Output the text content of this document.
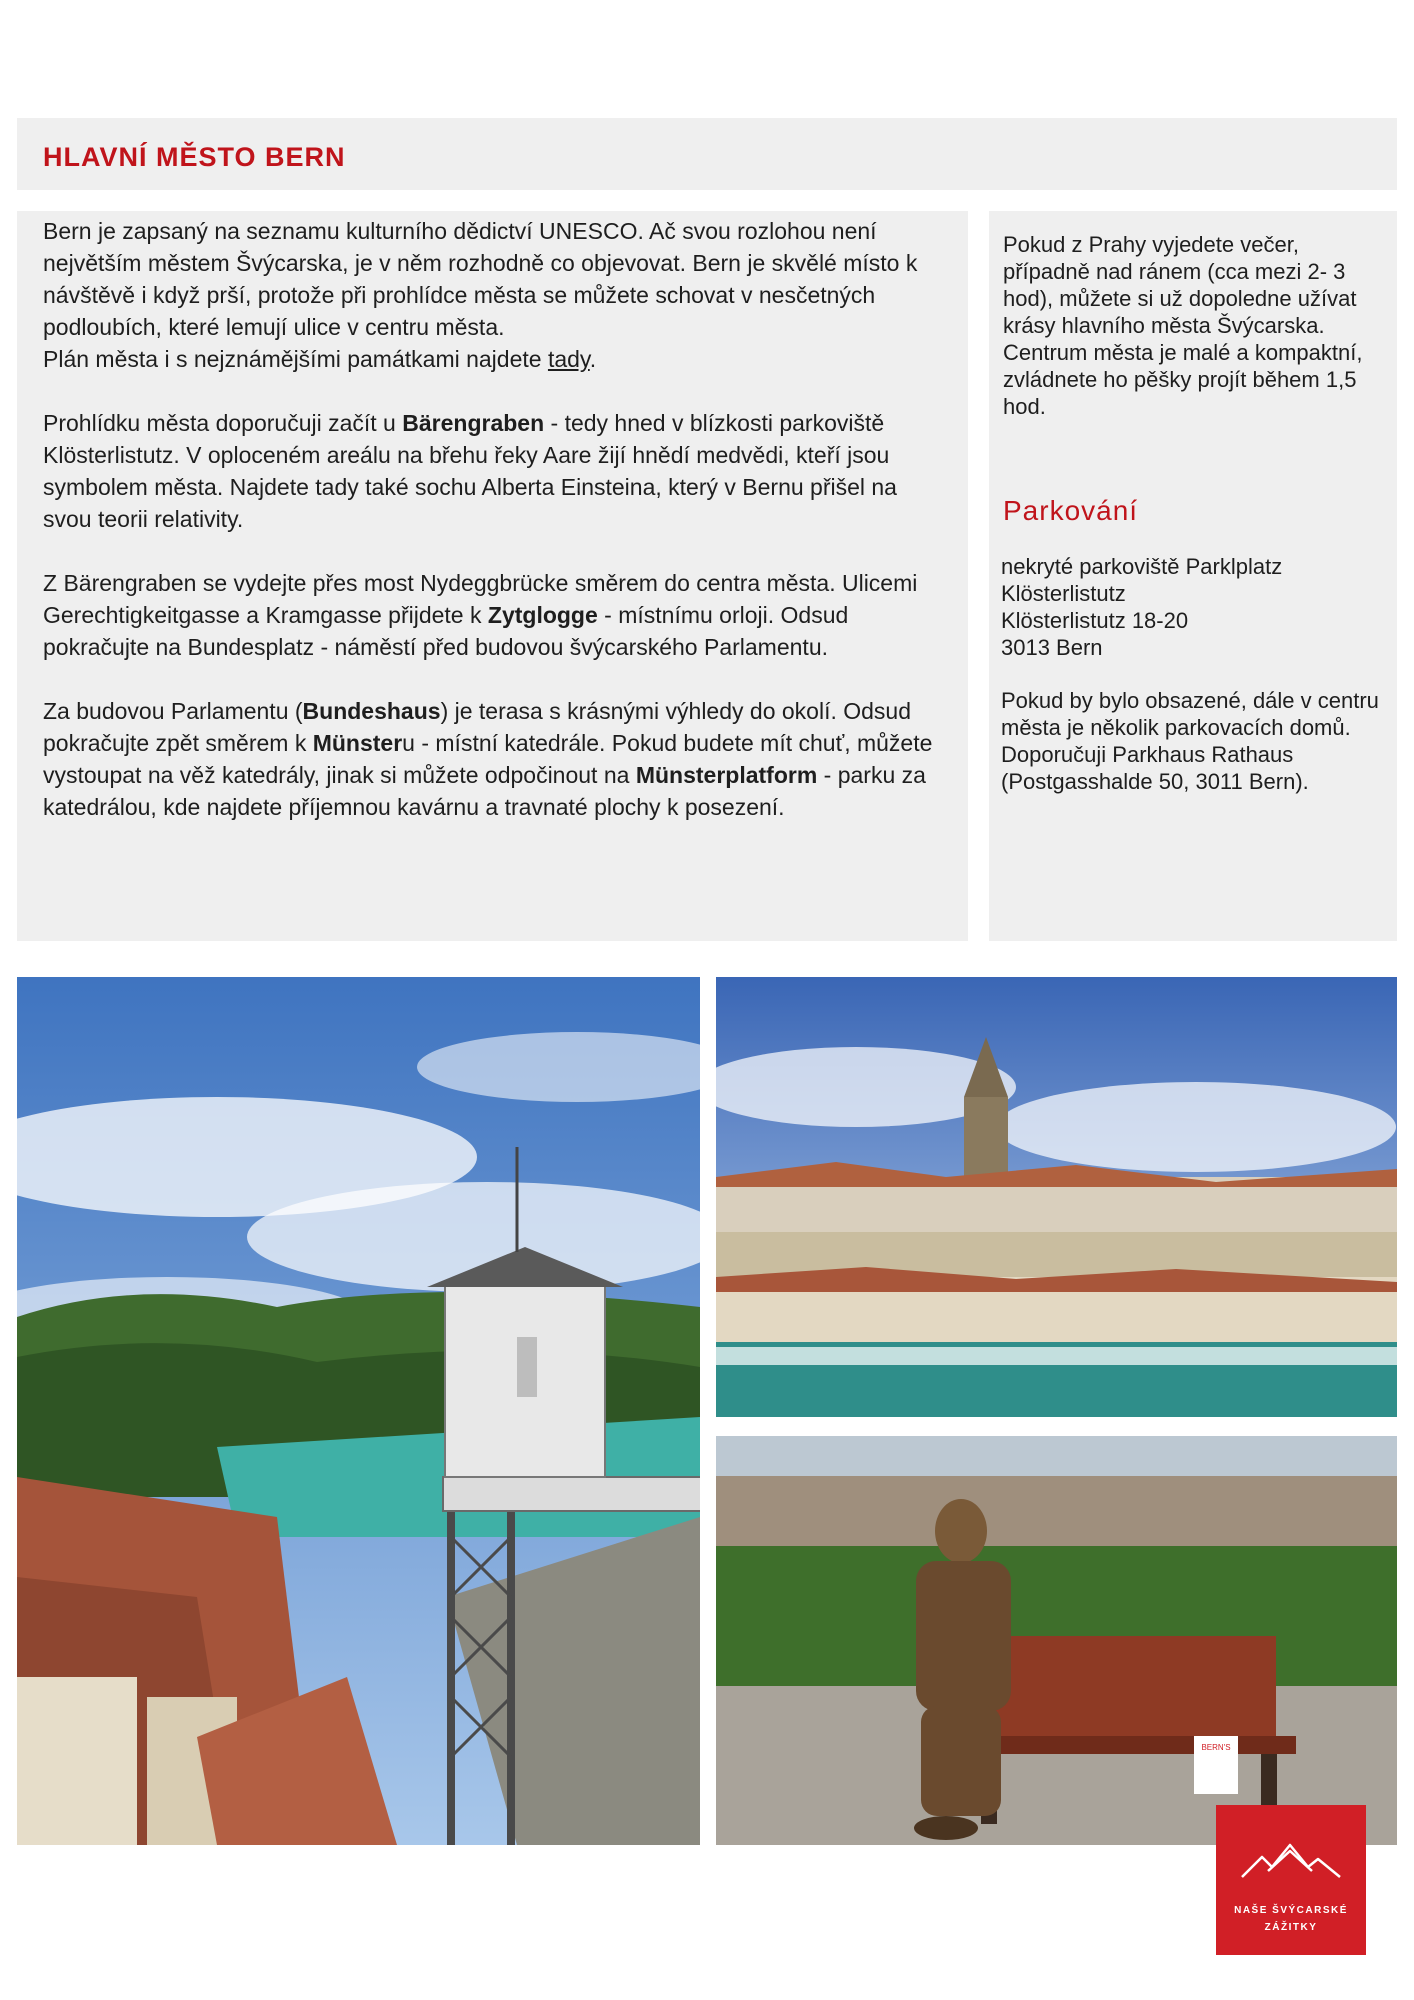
HLAVNÍ MĚSTO BERN

Bern je zapsaný na seznamu kulturního dědictví UNESCO. Ač svou rozlohou není největším městem Švýcarska, je v něm rozhodně co objevovat. Bern je skvělé místo k návštěvě i když prší, protože při prohlídce města se můžete schovat v nesčetných podloubích, které lemují ulice v centru města.
Plán města i s nejznámějšími památkami najdete tady.

Prohlídku města doporučuji začít u Bärengraben - tedy hned v blízkosti parkoviště Klösterlistutz. V oploceném areálu na břehu řeky Aare žijí hnědí medvědi, kteří jsou symbolem města. Najdete tady také sochu Alberta Einsteina, který v Bernu přišel na svou teorii relativity.

Z Bärengraben se vydejte přes most Nydeggbrücke směrem do centra města. Ulicemi Gerechtigkeitgasse a Kramgasse přijdete k Zytglogge - místnímu orloji. Odsud pokračujte na Bundesplatz - náměstí před budovou švýcarského Parlamentu.

Za budovou Parlamentu (Bundeshaus) je terasa s krásnými výhledy do okolí. Odsud pokračujte zpět směrem k Münsteru - místní katedrále. Pokud budete mít chuť, můžete vystoupat na věž katedrály, jinak si můžete odpočinout na Münsterplatform - parku za katedrálou, kde najdete příjemnou kavárnu a travnaté plochy k posezení.

Pokud z Prahy vyjedete večer, případně nad ránem (cca mezi 2- 3 hod), můžete si už dopoledne užívat krásy hlavního města Švýcarska. Centrum města je malé a kompaktní, zvládnete ho pěšky projít během 1,5 hod.

Parkování

nekryté parkoviště Parklplatz
Klösterlistutz
Klösterlistutz 18-20
3013 Bern

Pokud by bylo obsazené, dále v centru města je několik parkovacích domů. Doporučuji Parkhaus Rathaus (Postgasshalde 50, 3011 Bern).

BERN'S
NAŠE ŠVÝCARSKÉ
ZÁŽITKY
